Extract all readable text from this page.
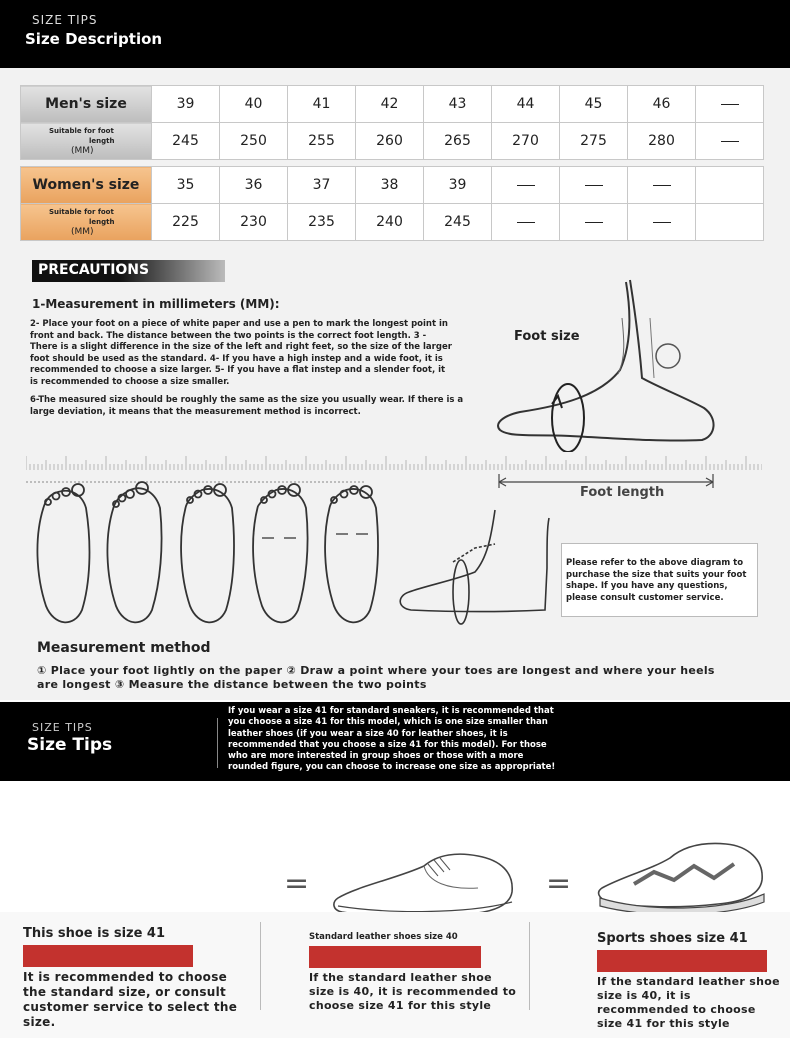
SIZE TIPS
Size Description
Men's size	39	40	41	42	43	44	45	46	
Suitable for foot
length
(MM)	245	250	255	260	265	270	275	280	
Women's size	35	36	37	38	39				
Suitable for foot
length
(MM)	225	230	235	240	245				
PRECAUTIONS
1-Measurement in millimeters (MM):
2- Place your foot on a piece of white paper and use a pen to mark the longest point in front and back. The distance between the two points is the correct foot length. 3 - There is a slight difference in the size of the left and right feet, so the size of the larger foot should be used as the standard. 4- If you have a high instep and a wide foot, it is recommended to choose a size larger. 5- If you have a flat instep and a slender foot, it is recommended to choose a size smaller.
6-The measured size should be roughly the same as the size you usually wear. If there is a large deviation, it means that the measurement method is incorrect.
Foot size
Foot length
Please refer to the above diagram to purchase the size that suits your foot shape. If you have any questions, please consult customer service.
Measurement method
① Place your foot lightly on the paper ② Draw a point where your toes are longest and where your heels are longest ③ Measure the distance between the two points
SIZE TIPS
Size Tips
If you wear a size 41 for standard sneakers, it is recommended that you choose a size 41 for this model, which is one size smaller than leather shoes (if you wear a size 40 for leather shoes, it is recommended that you choose a size 41 for this model). For those who are more interested in group shoes or those with a more rounded figure, you can choose to increase one size as appropriate!
=	=
This shoe is size 41
It is recommended to choose the standard size, or consult customer service to select the size.
Standard leather shoes size 40
If the standard leather shoe size is 40, it is recommended to choose size 41 for this style
Sports shoes size 41
If the standard leather shoe size is 40, it is recommended to choose size 41 for this style
